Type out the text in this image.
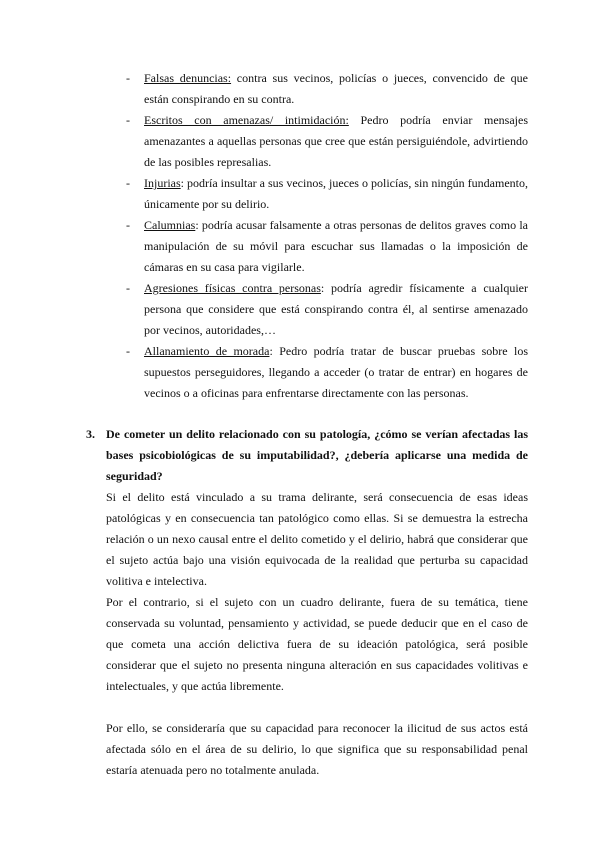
- Falsas denuncias: contra sus vecinos, policías o jueces, convencido de que están conspirando en su contra.
- Escritos con amenazas/ intimidación: Pedro podría enviar mensajes amenazantes a aquellas personas que cree que están persiguiéndole, advirtiendo de las posibles represalias.
- Injurias: podría insultar a sus vecinos, jueces o policías, sin ningún fundamento, únicamente por su delirio.
- Calumnias: podría acusar falsamente a otras personas de delitos graves como la manipulación de su móvil para escuchar sus llamadas o la imposición de cámaras en su casa para vigilarle.
- Agresiones físicas contra personas: podría agredir físicamente a cualquier persona que considere que está conspirando contra él, al sentirse amenazado por vecinos, autoridades,…
- Allanamiento de morada: Pedro podría tratar de buscar pruebas sobre los supuestos perseguidores, llegando a acceder (o tratar de entrar) en hogares de vecinos o a oficinas para enfrentarse directamente con las personas.

3. De cometer un delito relacionado con su patología, ¿cómo se verían afectadas las bases psicobiológicas de su imputabilidad?, ¿debería aplicarse una medida de seguridad?

Si el delito está vinculado a su trama delirante, será consecuencia de esas ideas patológicas y en consecuencia tan patológico como ellas. Si se demuestra la estrecha relación o un nexo causal entre el delito cometido y el delirio, habrá que considerar que el sujeto actúa bajo una visión equivocada de la realidad que perturba su capacidad volitiva e intelectiva.

Por el contrario, si el sujeto con un cuadro delirante, fuera de su temática, tiene conservada su voluntad, pensamiento y actividad, se puede deducir que en el caso de que cometa una acción delictiva fuera de su ideación patológica, será posible considerar que el sujeto no presenta ninguna alteración en sus capacidades volitivas e intelectuales, y que actúa libremente.

Por ello, se consideraría que su capacidad para reconocer la ilicitud de sus actos está afectada sólo en el área de su delirio, lo que significa que su responsabilidad penal estaría atenuada pero no totalmente anulada.
